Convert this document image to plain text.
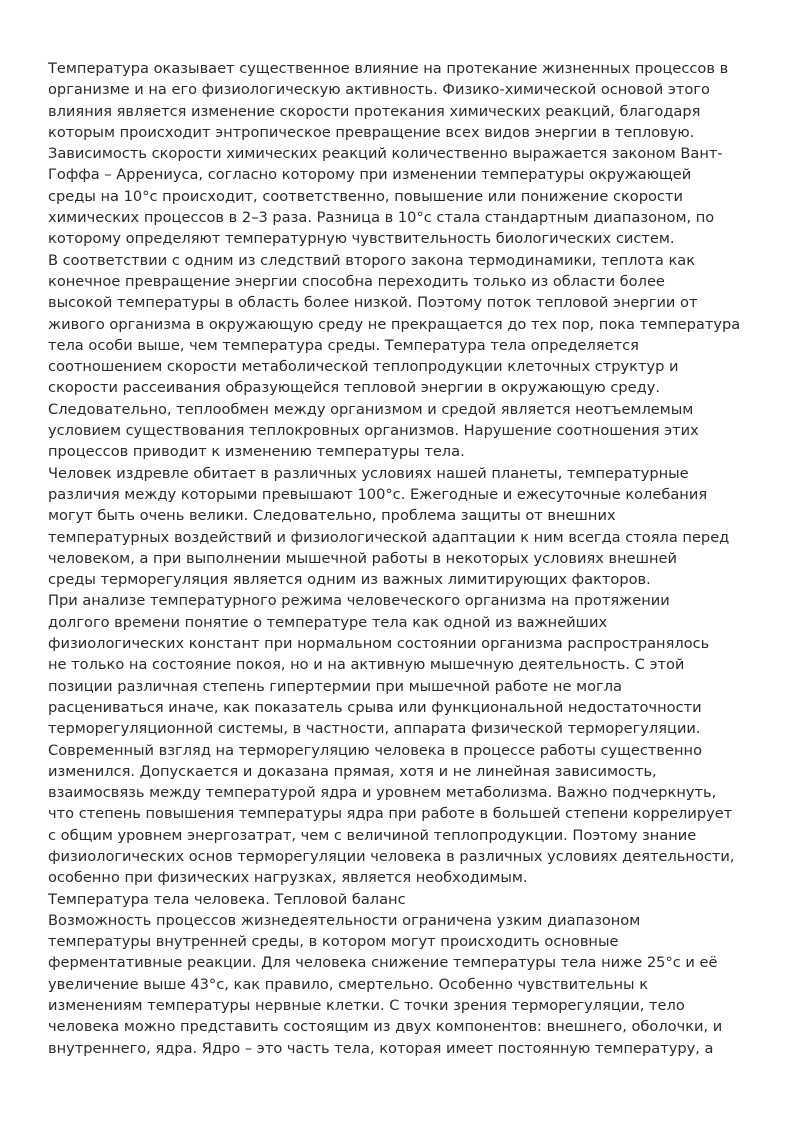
Температура оказывает существенное влияние на протекание жизненных процессов в
организме и на его физиологическую активность. Физико-химической основой этого
влияния является изменение скорости протекания химических реакций, благодаря
которым происходит энтропическое превращение всех видов энергии в тепловую.
Зависимость скорости химических реакций количественно выражается законом Вант-
Гоффа – Аррениуса, согласно которому при изменении температуры окружающей
среды на 10°с происходит, соответственно, повышение или понижение скорости
химических процессов в 2–3 раза. Разница в 10°с стала стандартным диапазоном, по
которому определяют температурную чувствительность биологических систем.
В соответствии с одним из следствий второго закона термодинамики, теплота как
конечное превращение энергии способна переходить только из области более
высокой температуры в область более низкой. Поэтому поток тепловой энергии от
живого организма в окружающую среду не прекращается до тех пор, пока температура
тела особи выше, чем температура среды. Температура тела определяется
соотношением скорости метаболической теплопродукции клеточных структур и
скорости рассеивания образующейся тепловой энергии в окружающую среду.
Следовательно, теплообмен между организмом и средой является неотъемлемым
условием существования теплокровных организмов. Нарушение соотношения этих
процессов приводит к изменению температуры тела.
Человек издревле обитает в различных условиях нашей планеты, температурные
различия между которыми превышают 100°с. Ежегодные и ежесуточные колебания
могут быть очень велики. Следовательно, проблема защиты от внешних
температурных воздействий и физиологической адаптации к ним всегда стояла перед
человеком, а при выполнении мышечной работы в некоторых условиях внешней
среды терморегуляция является одним из важных лимитирующих факторов.
При анализе температурного режима человеческого организма на протяжении
долгого времени понятие о температуре тела как одной из важнейших
физиологических констант при нормальном состоянии организма распространялось
не только на состояние покоя, но и на активную мышечную деятельность. С этой
позиции различная степень гипертермии при мышечной работе не могла
расцениваться иначе, как показатель срыва или функциональной недостаточности
терморегуляционной системы, в частности, аппарата физической терморегуляции.
Современный взгляд на терморегуляцию человека в процессе работы существенно
изменился. Допускается и доказана прямая, хотя и не линейная зависимость,
взаимосвязь между температурой ядра и уровнем метаболизма. Важно подчеркнуть,
что степень повышения температуры ядра при работе в большей степени коррелирует
с общим уровнем энергозатрат, чем с величиной теплопродукции. Поэтому знание
физиологических основ терморегуляции человека в различных условиях деятельности,
особенно при физических нагрузках, является необходимым.
Температура тела человека. Тепловой баланс
Возможность процессов жизнедеятельности ограничена узким диапазоном
температуры внутренней среды, в котором могут происходить основные
ферментативные реакции. Для человека снижение температуры тела ниже 25°с и её
увеличение выше 43°с, как правило, смертельно. Особенно чувствительны к
изменениям температуры нервные клетки. С точки зрения терморегуляции, тело
человека можно представить состоящим из двух компонентов: внешнего, оболочки, и
внутреннего, ядра. Ядро – это часть тела, которая имеет постоянную температуру, а
